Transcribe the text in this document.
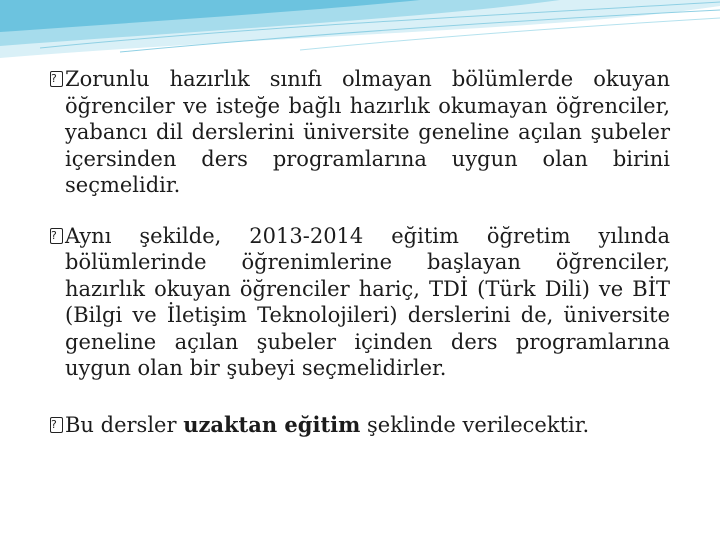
? Zorunlu hazırlık sınıfı olmayan bölümlerde okuyan öğrenciler ve isteğe bağlı hazırlık okumayan öğrenciler, yabancı dil derslerini üniversite geneline açılan şubeler içersinden ders programlarına uygun olan birini seçmelidir.

? Aynı şekilde, 2013-2014 eğitim öğretim yılında bölümlerinde öğrenimlerine başlayan öğrenciler, hazırlık okuyan öğrenciler hariç, TDİ (Türk Dili) ve BİT (Bilgi ve İletişim Teknolojileri) derslerini de, üniversite geneline açılan şubeler içinden ders programlarına uygun olan bir şubeyi seçmelidirler.

? Bu dersler uzaktan eğitim şeklinde verilecektir.
